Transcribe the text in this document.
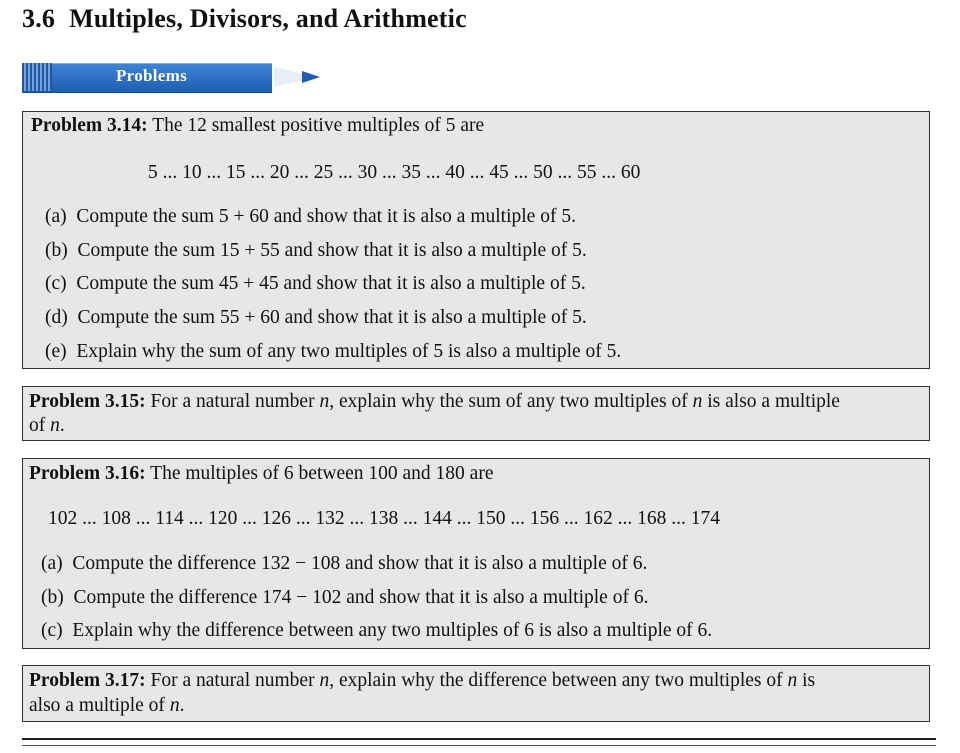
3.6 Multiples, Divisors, and Arithmetic
Problems
Problem 3.14: The 12 smallest positive multiples of 5 are
5 ... 10 ... 15 ... 20 ... 25 ... 30 ... 35 ... 40 ... 45 ... 50 ... 55 ... 60
(a) Compute the sum 5 + 60 and show that it is also a multiple of 5.
(b) Compute the sum 15 + 55 and show that it is also a multiple of 5.
(c) Compute the sum 45 + 45 and show that it is also a multiple of 5.
(d) Compute the sum 55 + 60 and show that it is also a multiple of 5.
(e) Explain why the sum of any two multiples of 5 is also a multiple of 5.
Problem 3.15: For a natural number n, explain why the sum of any two multiples of n is also a multiple
of n.
Problem 3.16: The multiples of 6 between 100 and 180 are
102 ... 108 ... 114 ... 120 ... 126 ... 132 ... 138 ... 144 ... 150 ... 156 ... 162 ... 168 ... 174
(a) Compute the difference 132 − 108 and show that it is also a multiple of 6.
(b) Compute the difference 174 − 102 and show that it is also a multiple of 6.
(c) Explain why the difference between any two multiples of 6 is also a multiple of 6.
Problem 3.17: For a natural number n, explain why the difference between any two multiples of n is
also a multiple of n.
